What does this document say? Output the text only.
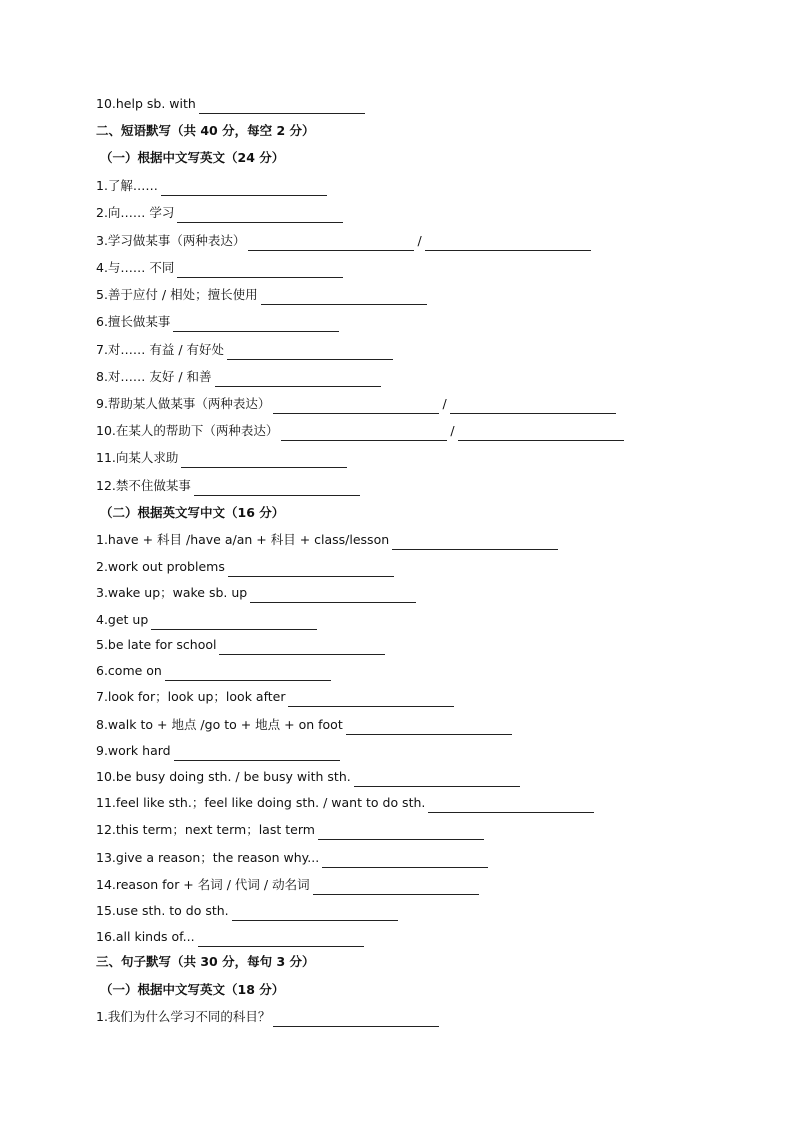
10.help sb. with
二、短语默写（共 40 分，每空 2 分）
（一）根据中文写英文（24 分）
1.了解……
2.向…… 学习
3.学习做某事（两种表达）	/
4.与…… 不同
5.善于应付 / 相处；擅长使用
6.擅长做某事
7.对…… 有益 / 有好处
8.对…… 友好 / 和善
9.帮助某人做某事（两种表达）	/
10.在某人的帮助下（两种表达）	/
11.向某人求助
12.禁不住做某事
（二）根据英文写中文（16 分）
1.have + 科目 /have a/an + 科目 + class/lesson
2.work out problems
3.wake up；wake sb. up
4.get up
5.be late for school
6.come on
7.look for；look up；look after
8.walk to + 地点 /go to + 地点 + on foot
9.work hard
10.be busy doing sth. / be busy with sth.
11.feel like sth.；feel like doing sth. / want to do sth.
12.this term；next term；last term
13.give a reason；the reason why...
14.reason for + 名词 / 代词 / 动名词
15.use sth. to do sth.
16.all kinds of...
三、句子默写（共 30 分，每句 3 分）
（一）根据中文写英文（18 分）
1.我们为什么学习不同的科目？
